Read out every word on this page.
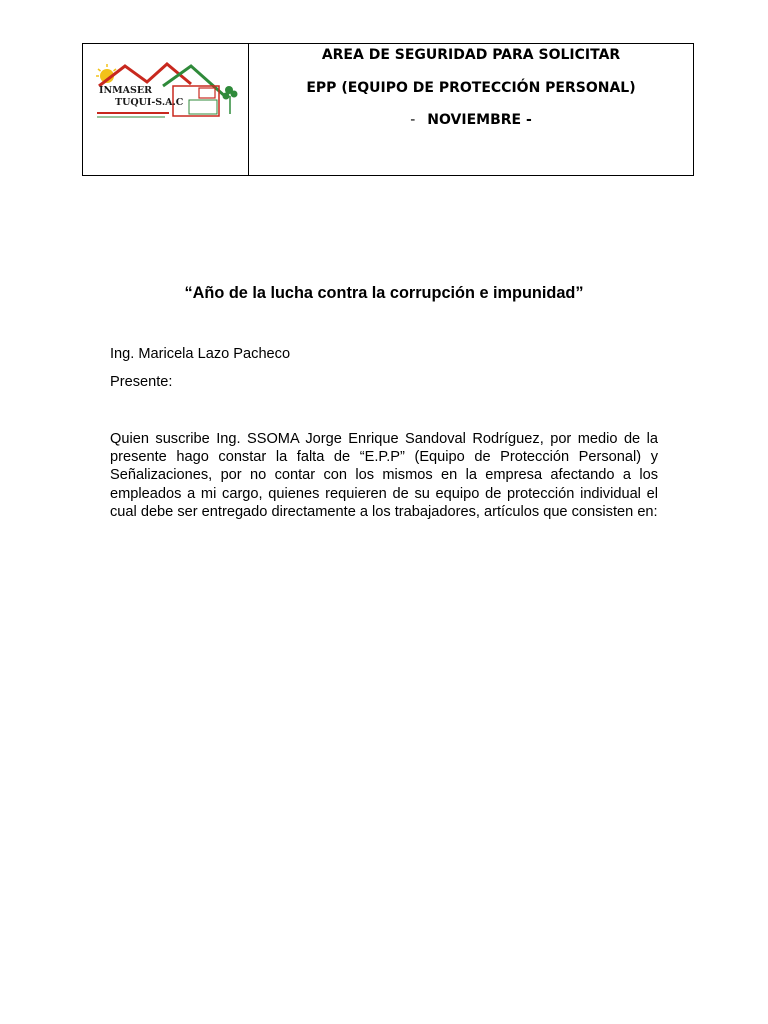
INMASER
TUQUI-S.A.C
AREA DE SEGURIDAD PARA SOLICITAR
EPP (EQUIPO DE PROTECCIÓN PERSONAL)
- NOVIEMBRE -
“Año de la lucha contra la corrupción e impunidad”
Ing. Maricela Lazo Pacheco
Presente:
Quien suscribe Ing. SSOMA Jorge Enrique Sandoval Rodríguez, por medio de la presente hago constar la falta de “E.P.P” (Equipo de Protección Personal) y Señalizaciones, por no contar con los mismos en la empresa afectando a los empleados a mi cargo, quienes requieren de su equipo de protección individual el cual debe ser entregado directamente a los trabajadores, artículos que consisten en:
